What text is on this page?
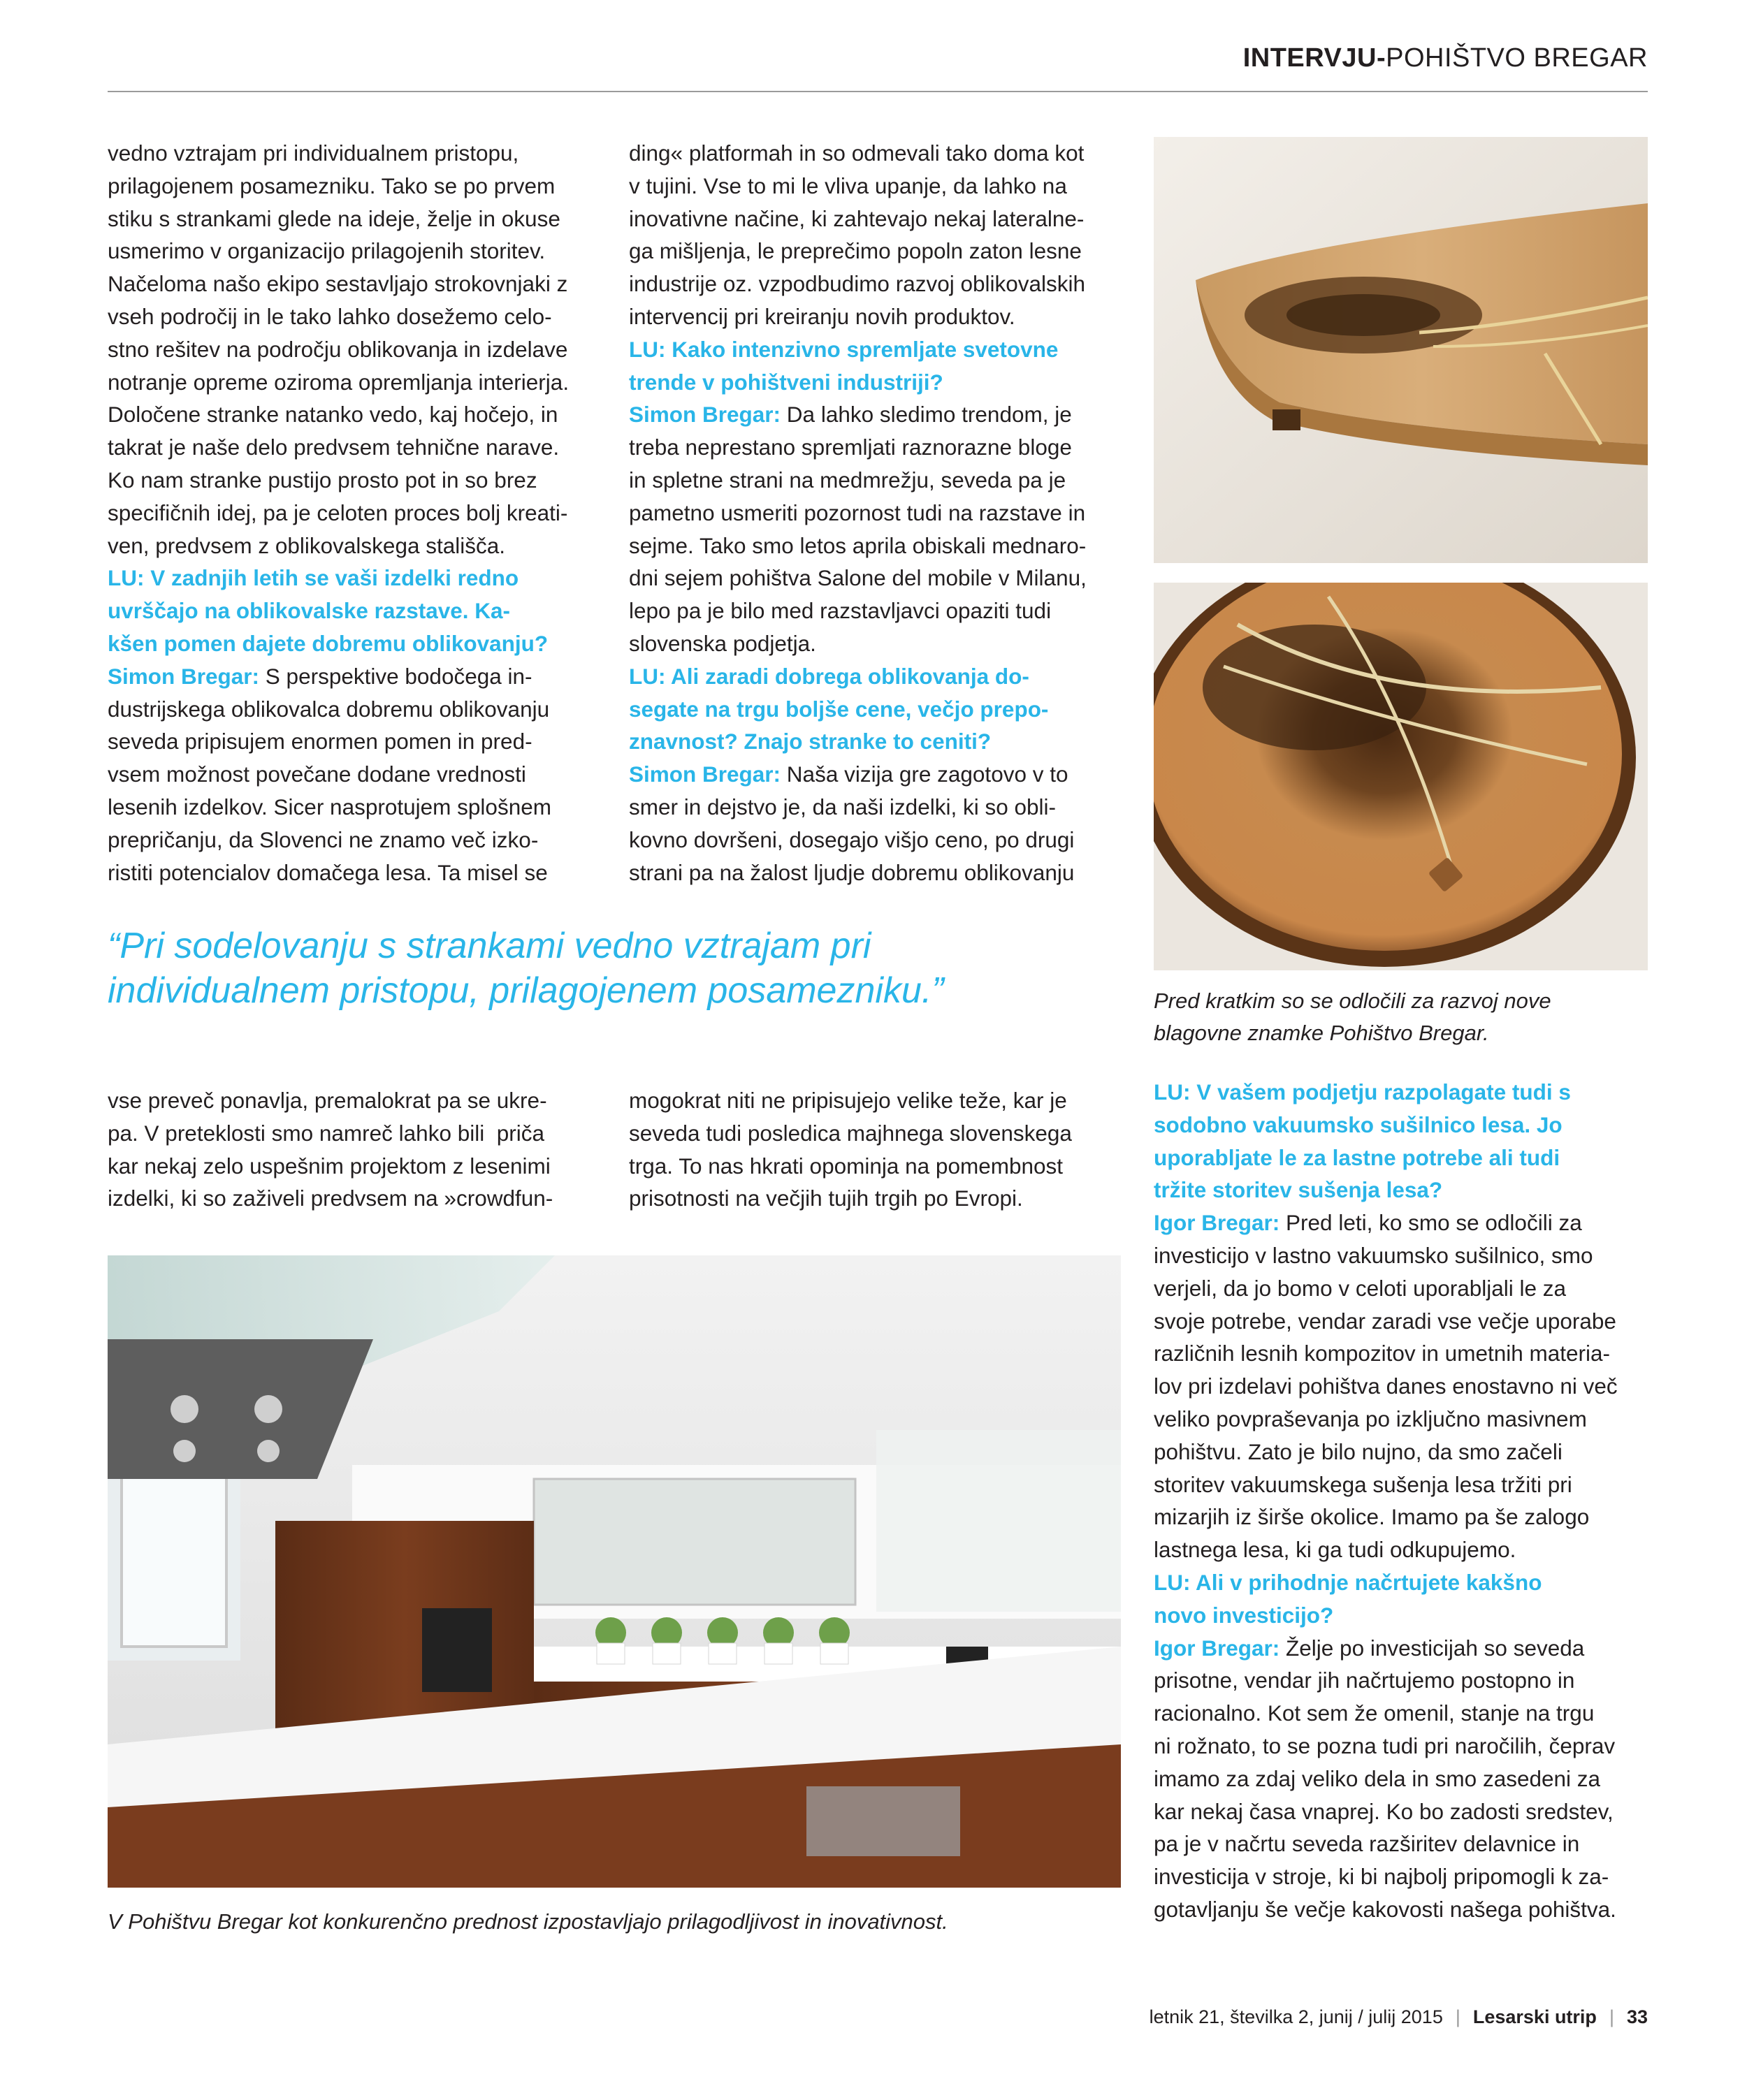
INTERVJU-POHIŠTVO BREGAR

vedno vztrajam pri individualnem pristopu,

prilagojenem posamezniku. Tako se po prvem

stiku s strankami glede na ideje, želje in okuse

usmerimo v organizacijo prilagojenih storitev.

Načeloma našo ekipo sestavljajo strokovnjaki z

vseh področij in le tako lahko dosežemo celo-

stno rešitev na področju oblikovanja in izdelave

notranje opreme oziroma opremljanja interierja.

Določene stranke natanko vedo, kaj hočejo, in

takrat je naše delo predvsem tehnične narave.

Ko nam stranke pustijo prosto pot in so brez

specifičnih idej, pa je celoten proces bolj kreati-

ven, predvsem z oblikovalskega stališča.

LU: V zadnjih letih se vaši izdelki redno

uvrščajo na oblikovalske razstave. Ka-

kšen pomen dajete dobremu oblikovanju?

Simon Bregar: S perspektive bodočega in-

dustrijskega oblikovalca dobremu oblikovanju

seveda pripisujem enormen pomen in pred-

vsem možnost povečane dodane vrednosti

lesenih izdelkov. Sicer nasprotujem splošnem

prepričanju, da Slovenci ne znamo več izko-

ristiti potencialov domačega lesa. Ta misel se

ding« platformah in so odmevali tako doma kot

v tujini. Vse to mi le vliva upanje, da lahko na

inovativne načine, ki zahtevajo nekaj lateralne-

ga mišljenja, le preprečimo popoln zaton lesne

industrije oz. vzpodbudimo razvoj oblikovalskih

intervencij pri kreiranju novih produktov.

LU: Kako intenzivno spremljate svetovne

trende v pohištveni industriji?

Simon Bregar: Da lahko sledimo trendom, je

treba neprestano spremljati raznorazne bloge

in spletne strani na medmrežju, seveda pa je

pametno usmeriti pozornost tudi na razstave in

sejme. Tako smo letos aprila obiskali mednaro-

dni sejem pohištva Salone del mobile v Milanu,

lepo pa je bilo med razstavljavci opaziti tudi

slovenska podjetja.

LU: Ali zaradi dobrega oblikovanja do-

segate na trgu boljše cene, večjo prepo-

znavnost? Znajo stranke to ceniti?

Simon Bregar: Naša vizija gre zagotovo v to

smer in dejstvo je, da naši izdelki, ki so obli-

kovno dovršeni, dosegajo višjo ceno, po drugi

strani pa na žalost ljudje dobremu oblikovanju

“Pri sodelovanju s strankami vedno vztrajam pri

individualnem pristopu, prilagojenem posamezniku.”	Pred kratkim so se odločili za razvoj nove

blagovne znamke Pohištvo Bregar.

vse preveč ponavlja, premalokrat pa se ukre-

pa. V preteklosti smo namreč lahko bili  priča

kar nekaj zelo uspešnim projektom z lesenimi

izdelki, ki so zaživeli predvsem na »crowdfun-

mogokrat niti ne pripisujejo velike teže, kar je

seveda tudi posledica majhnega slovenskega

trga. To nas hkrati opominja na pomembnost

prisotnosti na večjih tujih trgih po Evropi.

LU: V vašem podjetju razpolagate tudi s

sodobno vakuumsko sušilnico lesa. Jo

uporabljate le za lastne potrebe ali tudi

tržite storitev sušenja lesa?

Igor Bregar: Pred leti, ko smo se odločili za

investicijo v lastno vakuumsko sušilnico, smo

verjeli, da jo bomo v celoti uporabljali le za

svoje potrebe, vendar zaradi vse večje uporabe

različnih lesnih kompozitov in umetnih materia-

lov pri izdelavi pohištva danes enostavno ni več

veliko povpraševanja po izključno masivnem

pohištvu. Zato je bilo nujno, da smo začeli

storitev vakuumskega sušenja lesa tržiti pri

mizarjih iz širše okolice. Imamo pa še zalogo

lastnega lesa, ki ga tudi odkupujemo.

LU: Ali v prihodnje načrtujete kakšno

novo investicijo?

Igor Bregar: Želje po investicijah so seveda

prisotne, vendar jih načrtujemo postopno in

racionalno. Kot sem že omenil, stanje na trgu

ni rožnato, to se pozna tudi pri naročilih, čeprav

imamo za zdaj veliko dela in smo zasedeni za

kar nekaj časa vnaprej. Ko bo zadosti sredstev,

pa je v načrtu seveda razširitev delavnice in

investicija v stroje, ki bi najbolj pripomogli k za-

gotavljanju še večje kakovosti našega pohištva.

V Pohištvu Bregar kot konkurenčno prednost izpostavljajo prilagodljivost in inovativnost.

letnik 21, številka 2, junij / julij 2015 | Lesarski utrip | 33
